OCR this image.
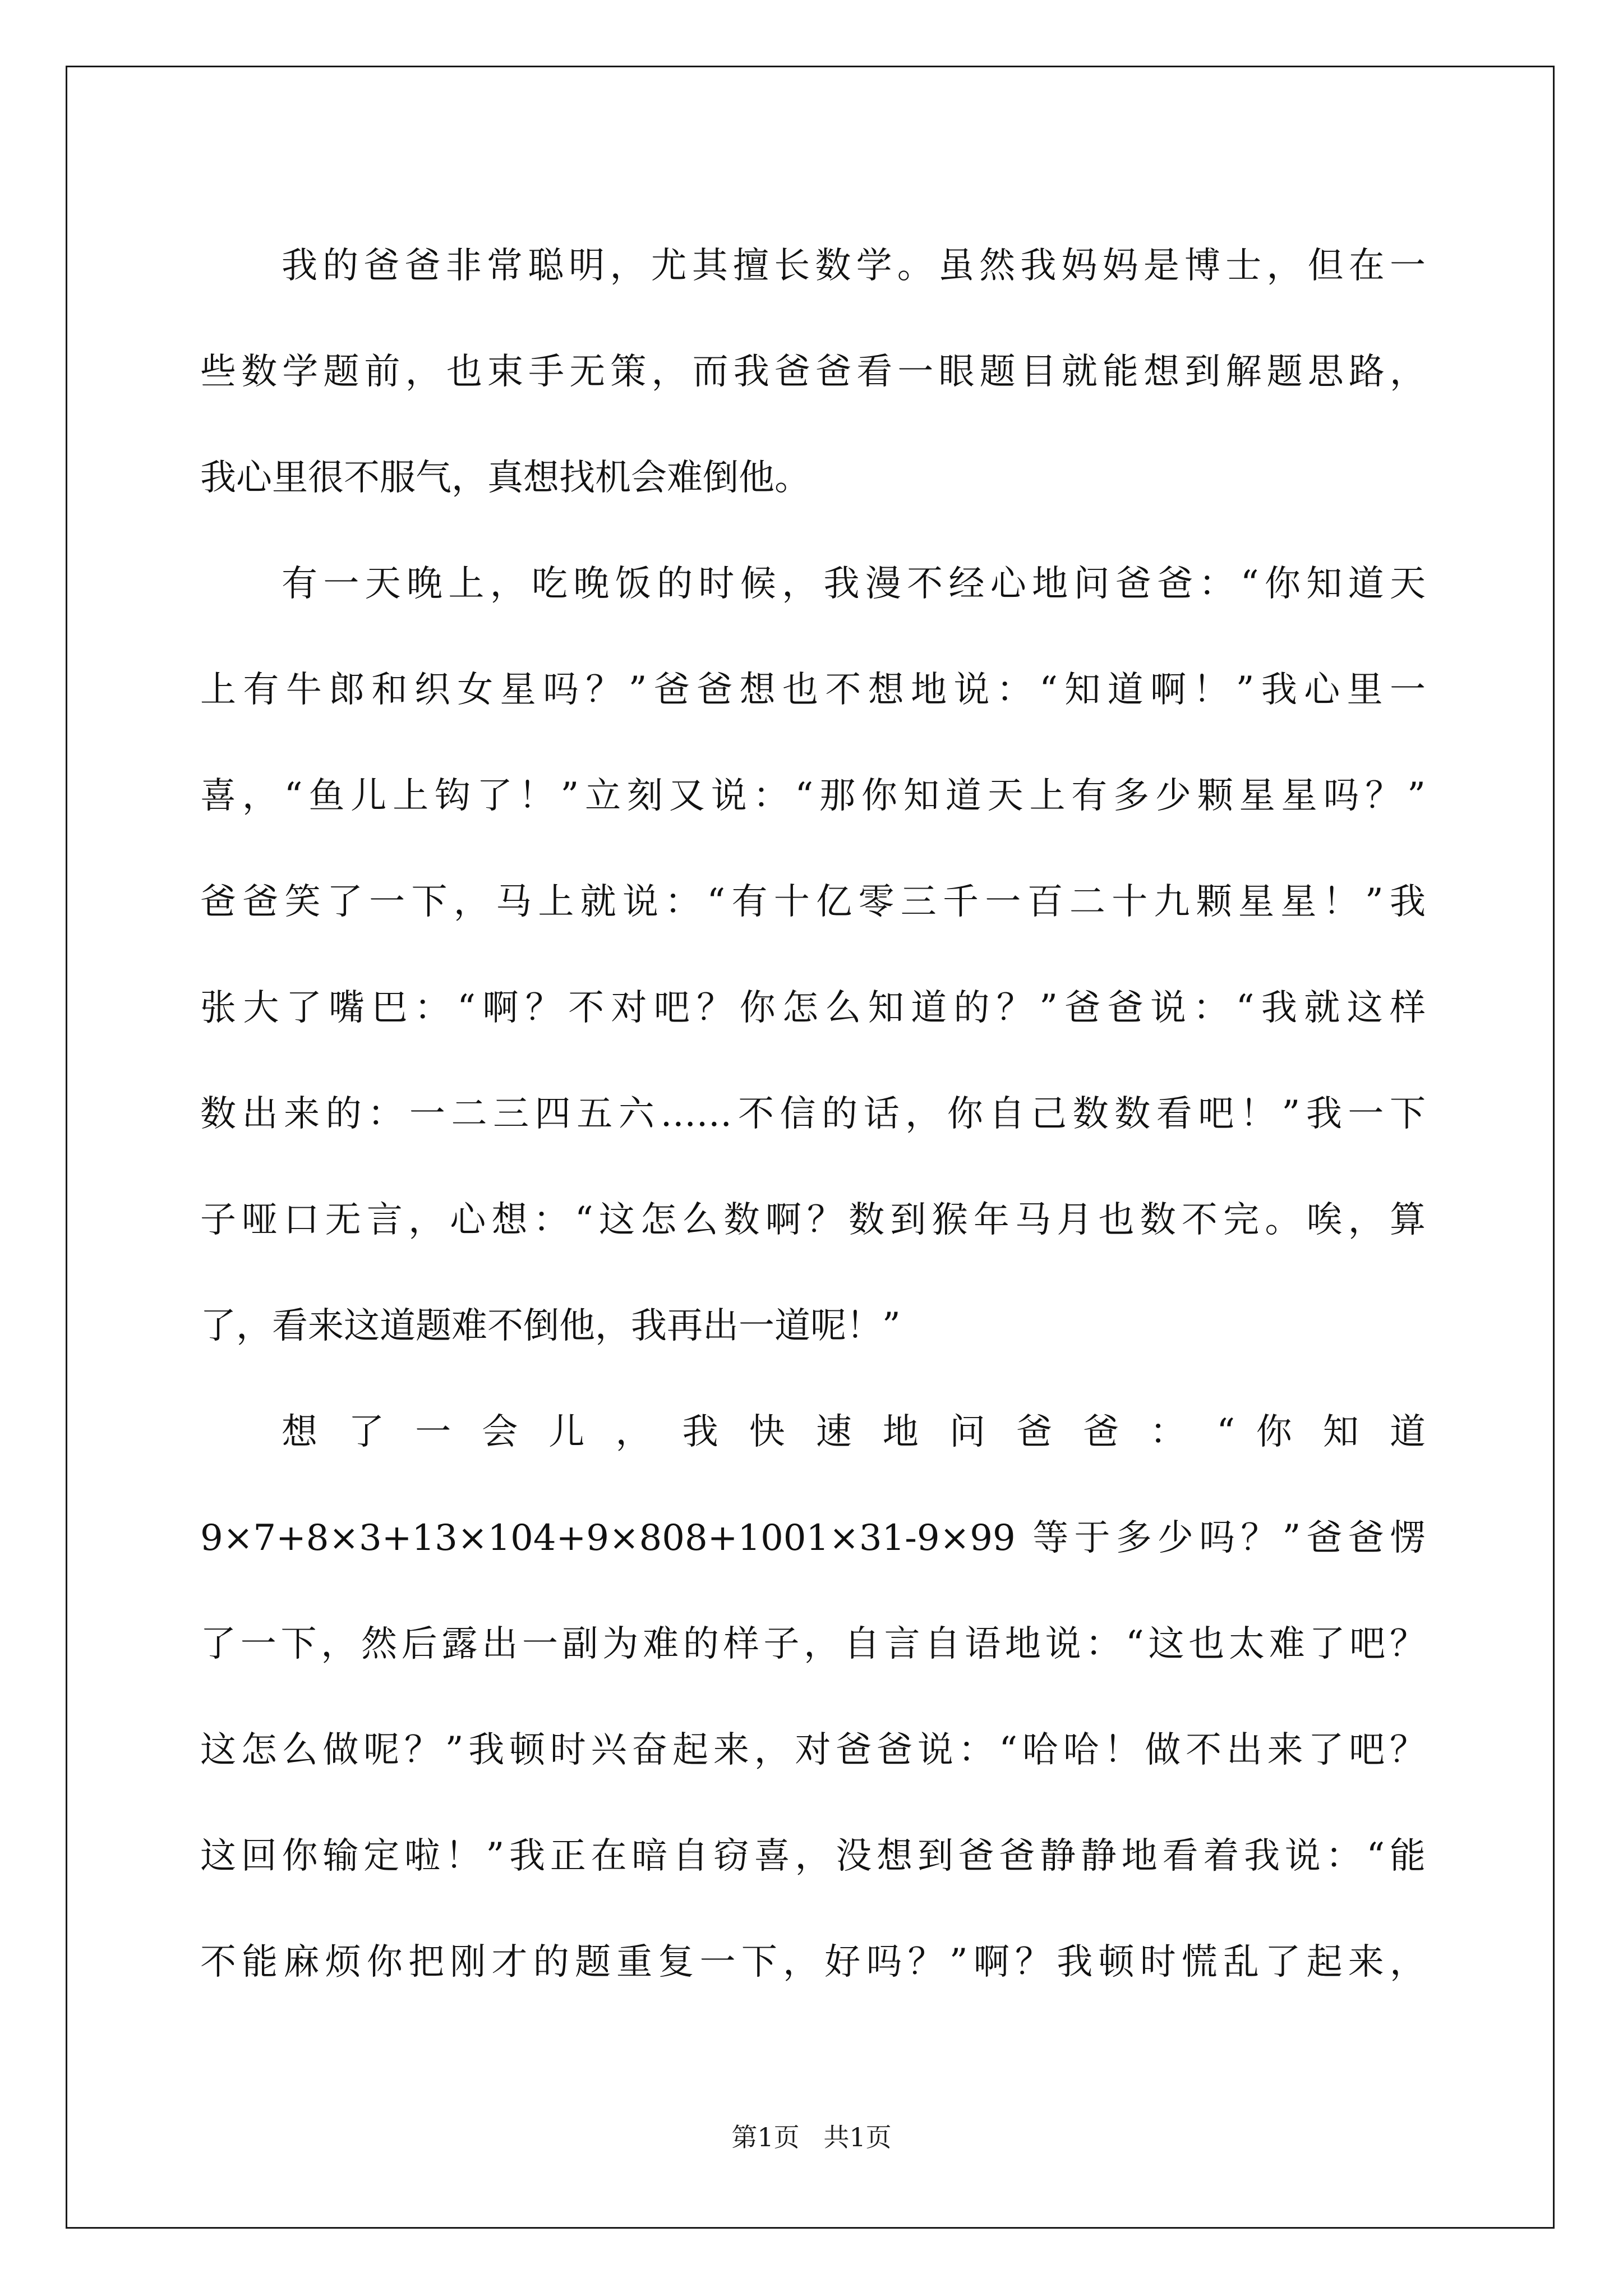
我的爸爸非常聪明，尤其擅长数学。虽然我妈妈是博士，但在一
些数学题前，也束手无策，而我爸爸看一眼题目就能想到解题思路，
我心里很不服气，真想找机会难倒他。
有一天晚上，吃晚饭的时候，我漫不经心地问爸爸：“你知道天
上有牛郎和织女星吗？”爸爸想也不想地说：“知道啊！”我心里一
喜，“鱼儿上钩了！”立刻又说：“那你知道天上有多少颗星星吗？”
爸爸笑了一下，马上就说：“有十亿零三千一百二十九颗星星！”我
张大了嘴巴：“啊？不对吧？你怎么知道的？”爸爸说：“我就这样
数出来的：一二三四五六……不信的话，你自己数数看吧！”我一下
子哑口无言，心想：“这怎么数啊？数到猴年马月也数不完。唉，算
了，看来这道题难不倒他，我再出一道呢！”
想 了 一 会 儿 ， 我 快 速 地 问 爸 爸 ： “ 你 知 道
9×7+8×3+13×104+9×808+1001×31-9×99 等于多少吗？”爸爸愣
了一下，然后露出一副为难的样子，自言自语地说：“这也太难了吧？
这怎么做呢？”我顿时兴奋起来，对爸爸说：“哈哈！做不出来了吧？
这回你输定啦！”我正在暗自窃喜，没想到爸爸静静地看着我说：“能
不能麻烦你把刚才的题重复一下，好吗？”啊？我顿时慌乱了起来，
第1页 共1页
